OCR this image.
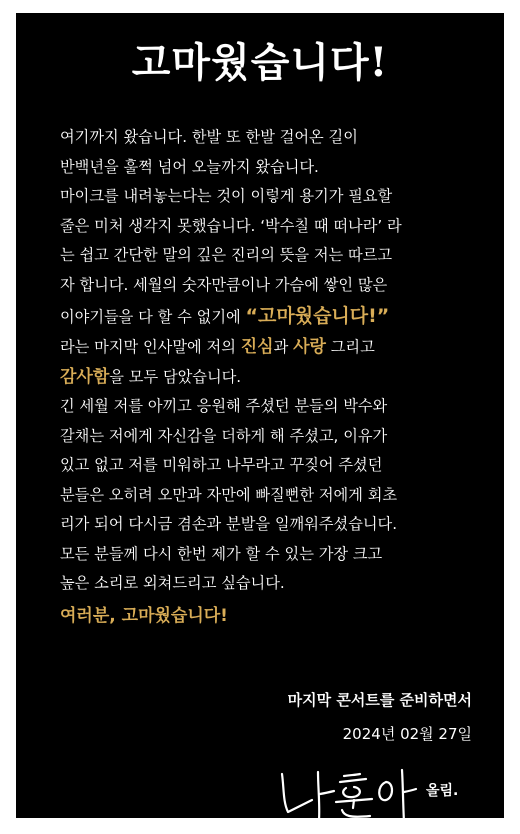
고마웠습니다!
여기까지 왔습니다. 한발 또 한발 걸어온 길이
반백년을 훌쩍 넘어 오늘까지 왔습니다.
마이크를 내려놓는다는 것이 이렇게 용기가 필요할
줄은 미처 생각지 못했습니다. ‘박수칠 때 떠나라’ 라
는 쉽고 간단한 말의 깊은 진리의 뜻을 저는 따르고
자 합니다. 세월의 숫자만큼이나 가슴에 쌓인 많은
이야기들을 다 할 수 없기에 “고마웠습니다!”
라는 마지막 인사말에 저의 진심과 사랑 그리고
감사함을 모두 담았습니다.
긴 세월 저를 아끼고 응원해 주셨던 분들의 박수와
갈채는 저에게 자신감을 더하게 해 주셨고, 이유가
있고 없고 저를 미워하고 나무라고 꾸짖어 주셨던
분들은 오히려 오만과 자만에 빠질뻔한 저에게 회초
리가 되어 다시금 겸손과 분발을 일깨워주셨습니다.
모든 분들께 다시 한번 제가 할 수 있는 가장 크고
높은 소리로 외쳐드리고 싶습니다.
여러분, 고마웠습니다!
마지막 콘서트를 준비하면서
2024년 02월 27일
올림.
